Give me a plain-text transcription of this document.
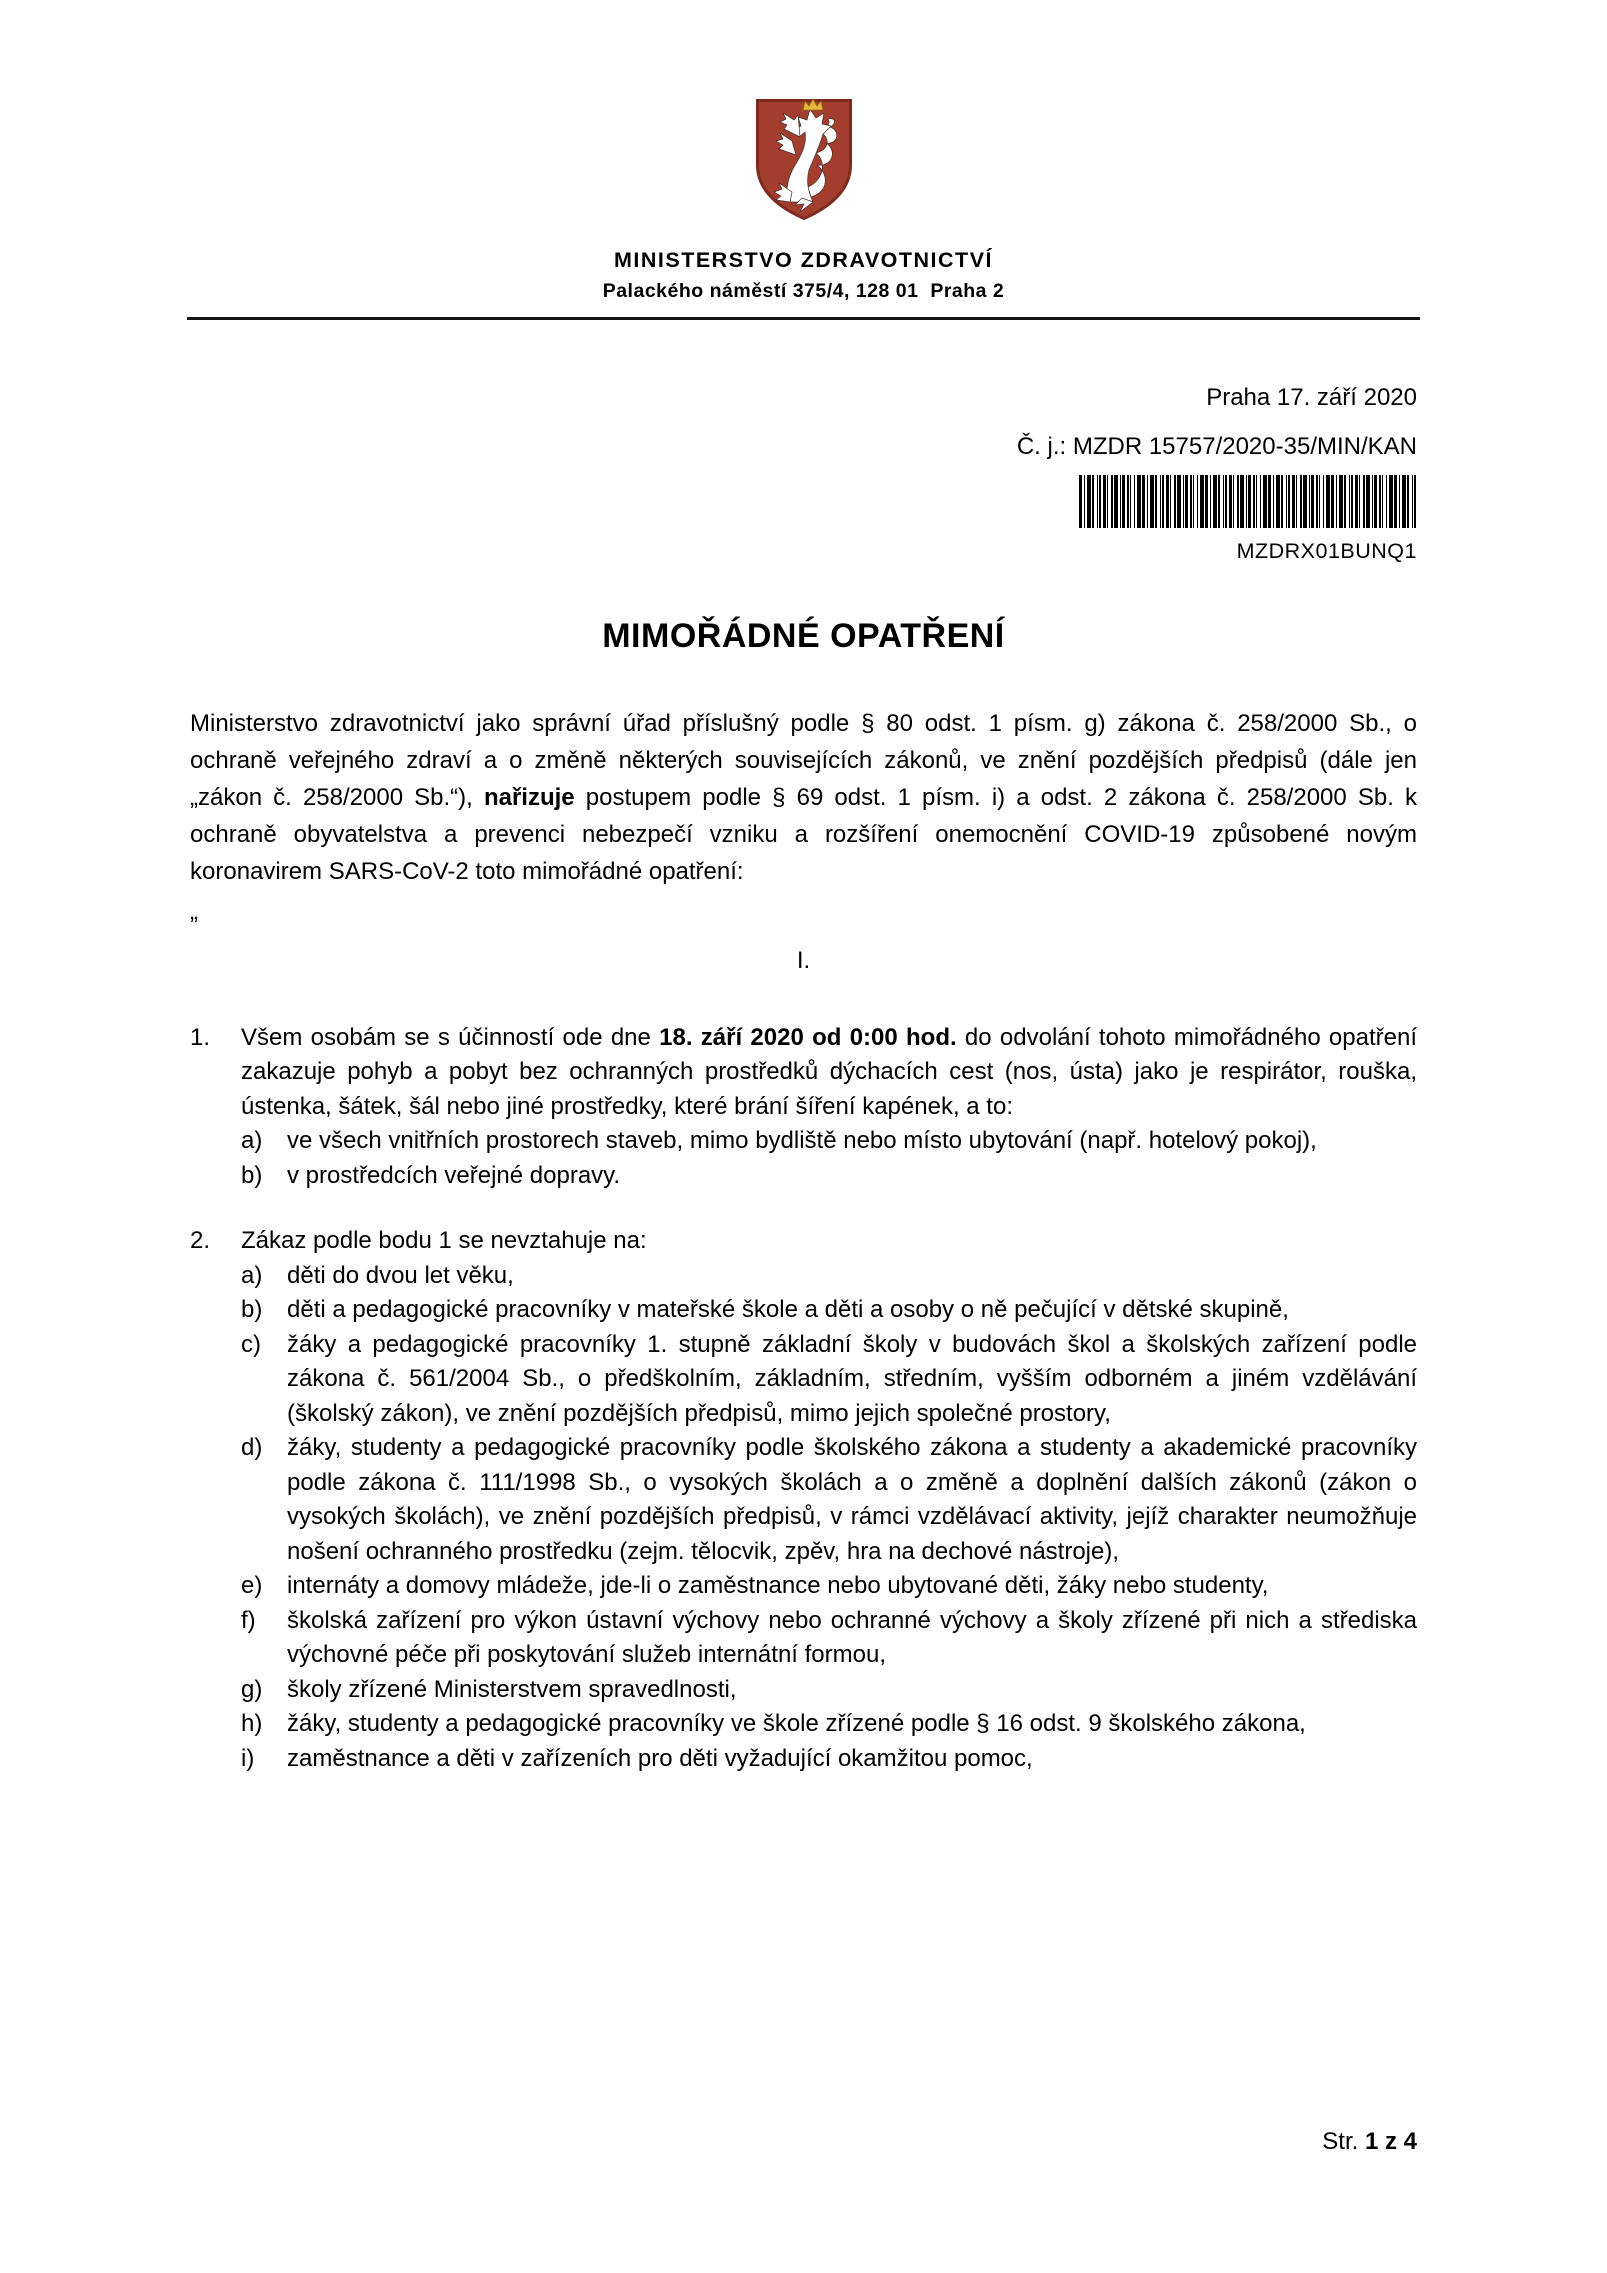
MINISTERSTVO ZDRAVOTNICTVÍ
Palackého náměstí 375/4, 128 01  Praha 2
Praha 17. září 2020
Č. j.: MZDR 15757/2020-35/MIN/KAN
MZDRX01BUNQ1
MIMOŘÁDNÉ OPATŘENÍ

Ministerstvo zdravotnictví jako správní úřad příslušný podle § 80 odst. 1 písm. g) zákona č. 258/2000 Sb., o ochraně veřejného zdraví a o změně některých souvisejících zákonů, ve znění pozdějších předpisů (dále jen „zákon č. 258/2000 Sb.“), nařizuje postupem podle § 69 odst. 1 písm. i) a odst. 2 zákona č. 258/2000 Sb. k ochraně obyvatelstva a prevenci nebezpečí vzniku a rozšíření onemocnění COVID-19 způsobené novým koronavirem SARS-CoV-2 toto mimořádné opatření:

I.
1.	Všem osobám se s účinností ode dne 18. září 2020 od 0:00 hod. do odvolání tohoto mimořádného opatření zakazuje pohyb a pobyt bez ochranných prostředků dýchacích cest (nos, ústa) jako je respirátor, rouška, ústenka, šátek, šál nebo jiné prostředky, které brání šíření kapének, a to:
a)	ve všech vnitřních prostorech staveb, mimo bydliště nebo místo ubytování (např. hotelový pokoj),
b)	v prostředcích veřejné dopravy.
2.	Zákaz podle bodu 1 se nevztahuje na:
a)	děti do dvou let věku,
b)	děti a pedagogické pracovníky v mateřské škole a děti a osoby o ně pečující v dětské skupině,
c)	žáky a pedagogické pracovníky 1. stupně základní školy v budovách škol a školských zařízení podle zákona č. 561/2004 Sb., o předškolním, základním, středním, vyšším odborném a jiném vzdělávání (školský zákon), ve znění pozdějších předpisů, mimo jejich společné prostory,
d)	žáky, studenty a pedagogické pracovníky podle školského zákona a studenty a akademické pracovníky podle zákona č. 111/1998 Sb., o vysokých školách a o změně a doplnění dalších zákonů (zákon o vysokých školách), ve znění pozdějších předpisů, v rámci vzdělávací aktivity, jejíž charakter neumožňuje nošení ochranného prostředku (zejm. tělocvik, zpěv, hra na dechové nástroje),
e)	internáty a domovy mládeže, jde-li o zaměstnance nebo ubytované děti, žáky nebo studenty,
f)	školská zařízení pro výkon ústavní výchovy nebo ochranné výchovy a školy zřízené při nich a střediska výchovné péče při poskytování služeb internátní formou,
g)	školy zřízené Ministerstvem spravedlnosti,
h)	žáky, studenty a pedagogické pracovníky ve škole zřízené podle § 16 odst. 9 školského zákona,
i)	zaměstnance a děti v zařízeních pro děti vyžadující okamžitou pomoc,
„
Str. 1 z 4
